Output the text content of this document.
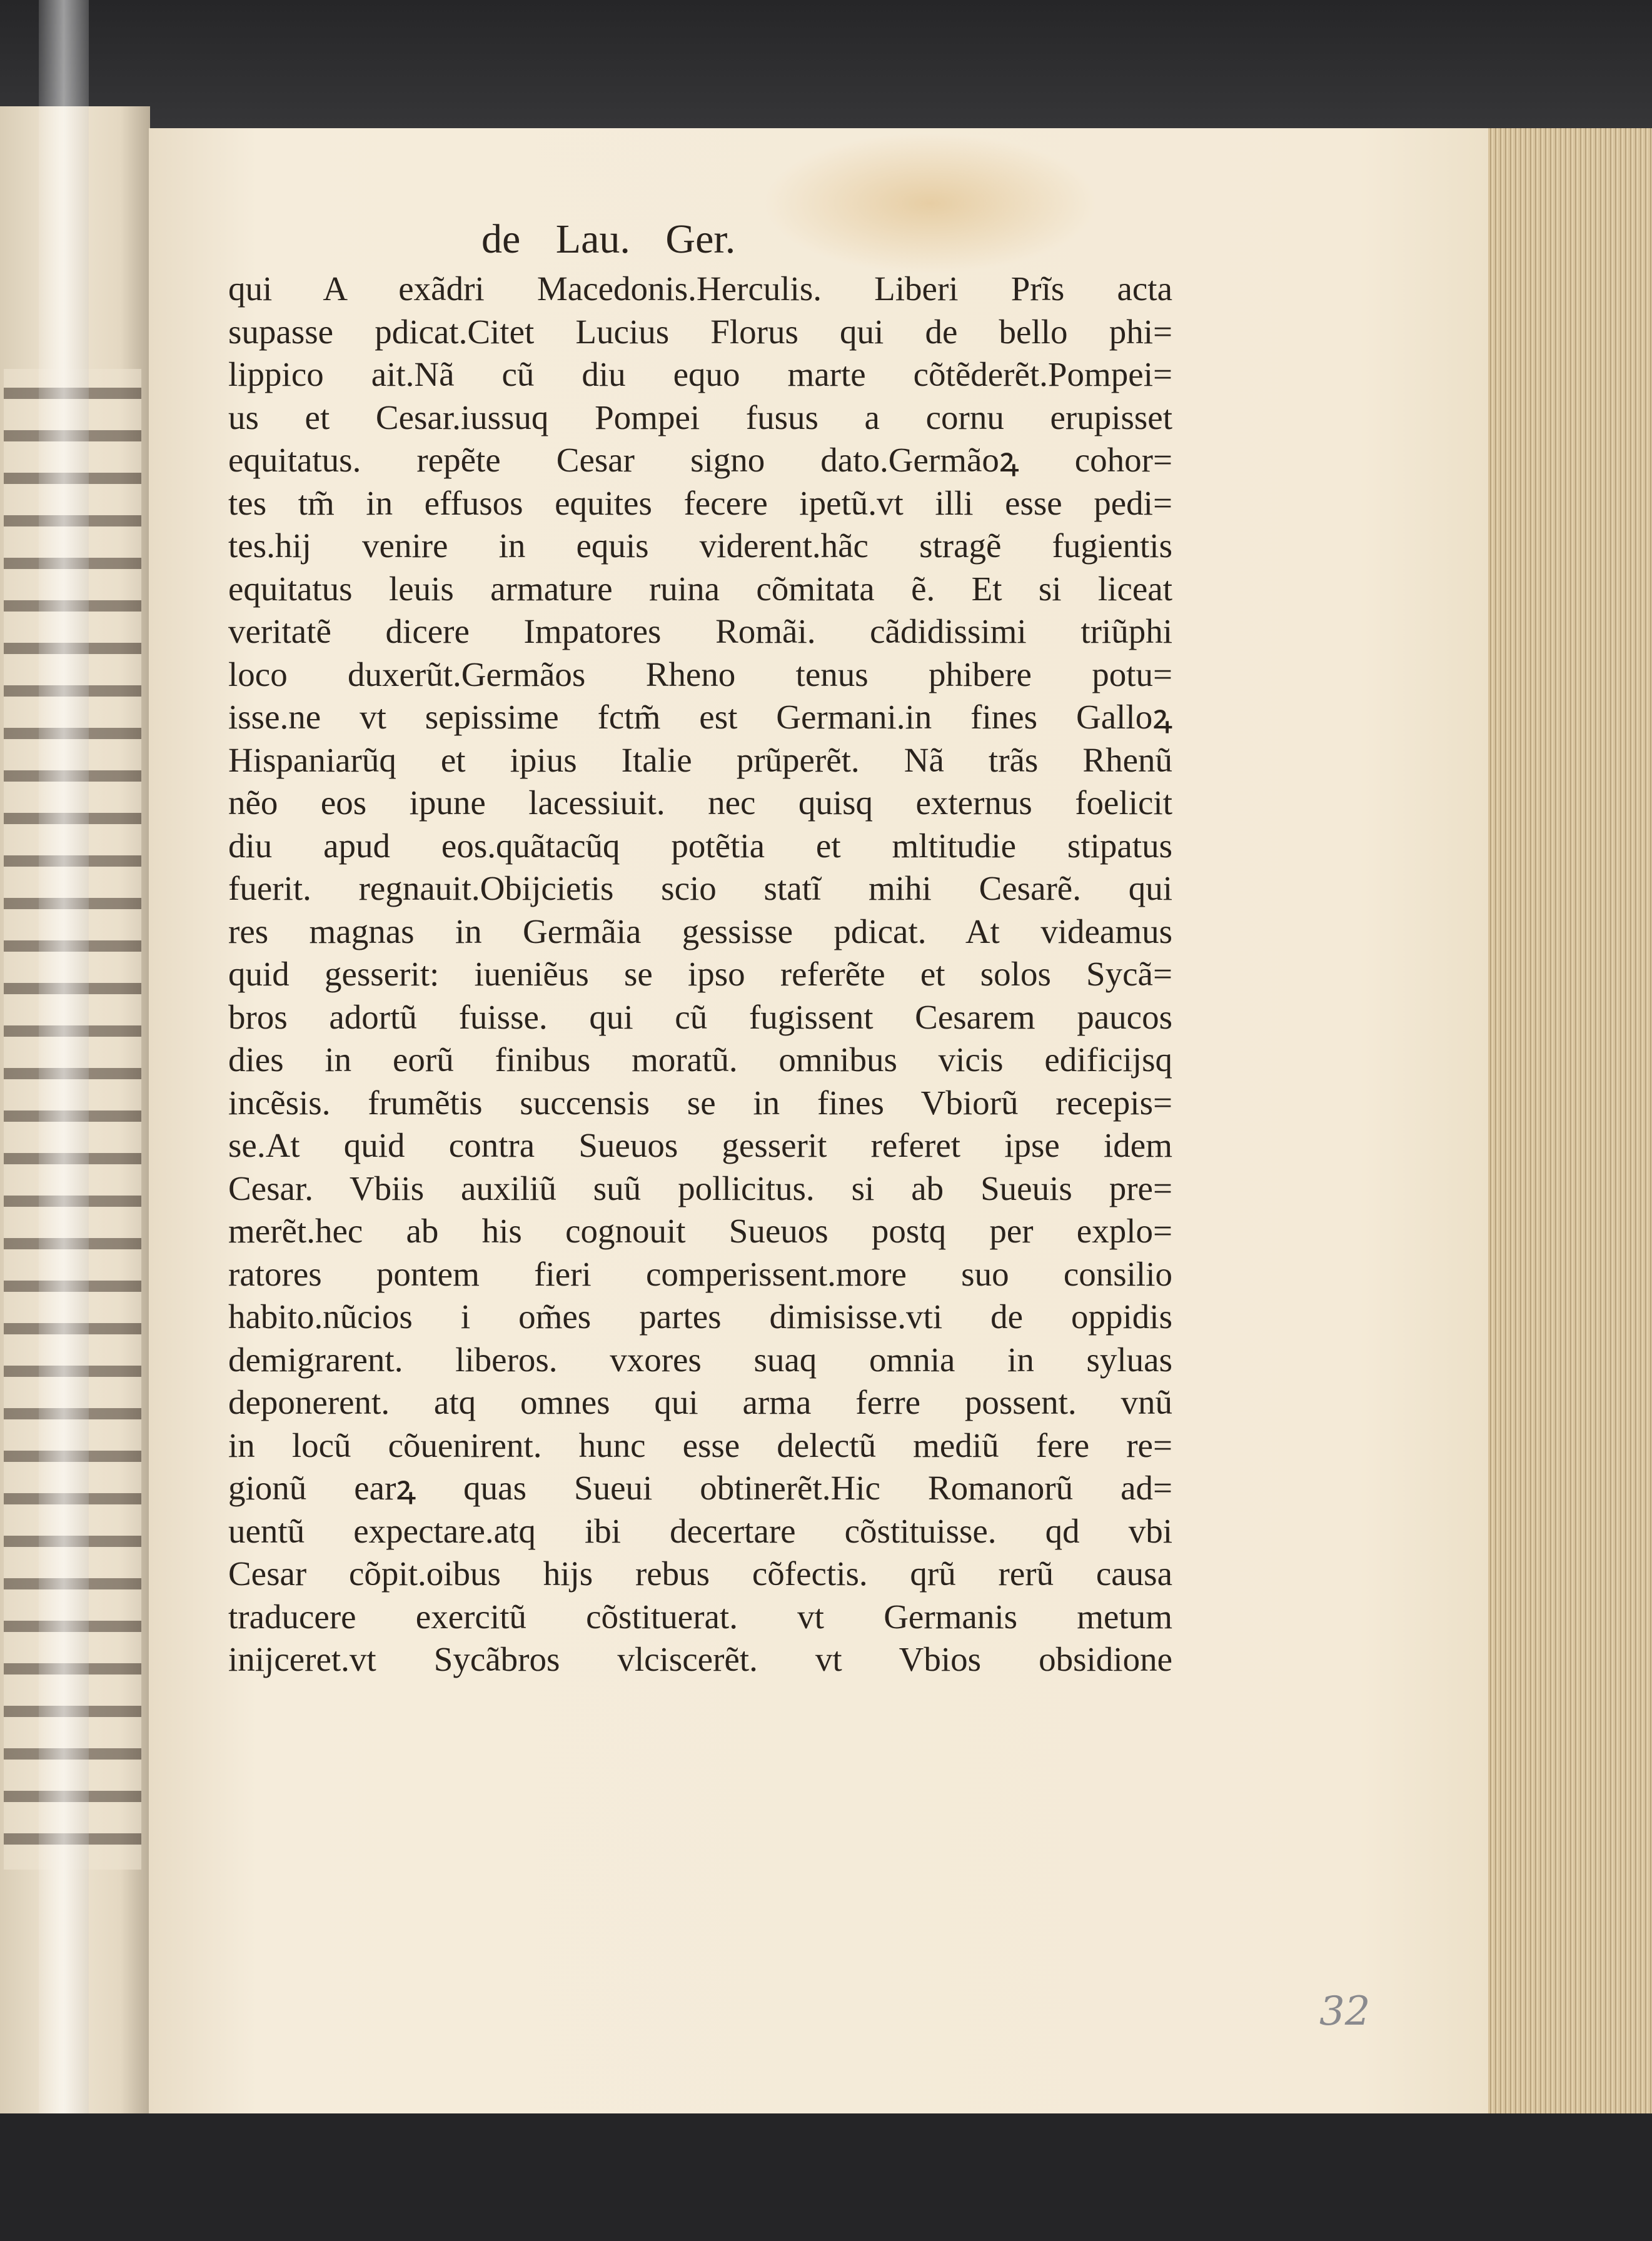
de Lau. Ger.
qui A exãdri Macedonis.Herculis. Liberi Prĩs acta
supasse pdicat.Citet Lucius Florus qui de bello phi=
lippico ait.Nã cũ diu equo marte cõtẽderẽt.Pompei=
us et Cesar.iussuq Pompei fusus a cornu erupisset
equitatus. repẽte Cesar signo dato.Germãoꝝ cohor=
tes tm̃ in effusos equites fecere ipetũ.vt illi esse pedi=
tes.hij venire in equis viderent.hãc stragẽ fugientis
equitatus leuis armature ruina cõmitata ẽ. Et si liceat
veritatẽ dicere Impatores Romãi. cãdidissimi triũphi
loco duxerũt.Germãos Rheno tenus phibere potu=
isse.ne vt sepissime fctm̃ est Germani.in fines Galloꝝ
Hispaniarũq et ipius Italie prũperẽt. Nã trãs Rhenũ
nẽo eos ipune lacessiuit. nec quisq externus foelicit
diu apud eos.quãtacũq potẽtia et mltitudie stipatus
fuerit. regnauit.Obijcietis scio statĩ mihi Cesarẽ. qui
res magnas in Germãia gessisse pdicat. At videamus
quid gesserit: iueniẽus se ipso referẽte et solos Sycã=
bros adortũ fuisse. qui cũ fugissent Cesarem paucos
dies in eorũ finibus moratũ. omnibus vicis edificijsq
incẽsis. frumẽtis succensis se in fines Vbiorũ recepis=
se.At quid contra Sueuos gesserit referet ipse idem
Cesar. Vbiis auxiliũ suũ pollicitus. si ab Sueuis pre=
merẽt.hec ab his cognouit Sueuos postq per explo=
ratores pontem fieri comperissent.more suo consilio
habito.nũcios i om̃es partes dimisisse.vti de oppidis
demigrarent. liberos. vxores suaq omnia in syluas
deponerent. atq omnes qui arma ferre possent. vnũ
in locũ cõuenirent. hunc esse delectũ mediũ fere re=
gionũ earꝝ quas Sueui obtinerẽt.Hic Romanorũ ad=
uentũ expectare.atq ibi decertare cõstituisse. qd vbi
Cesar cõpit.oibus hijs rebus cõfectis. qrũ rerũ causa
traducere exercitũ cõstituerat. vt Germanis metum
inijceret.vt Sycãbros vlciscerẽt. vt Vbios obsidione
32
